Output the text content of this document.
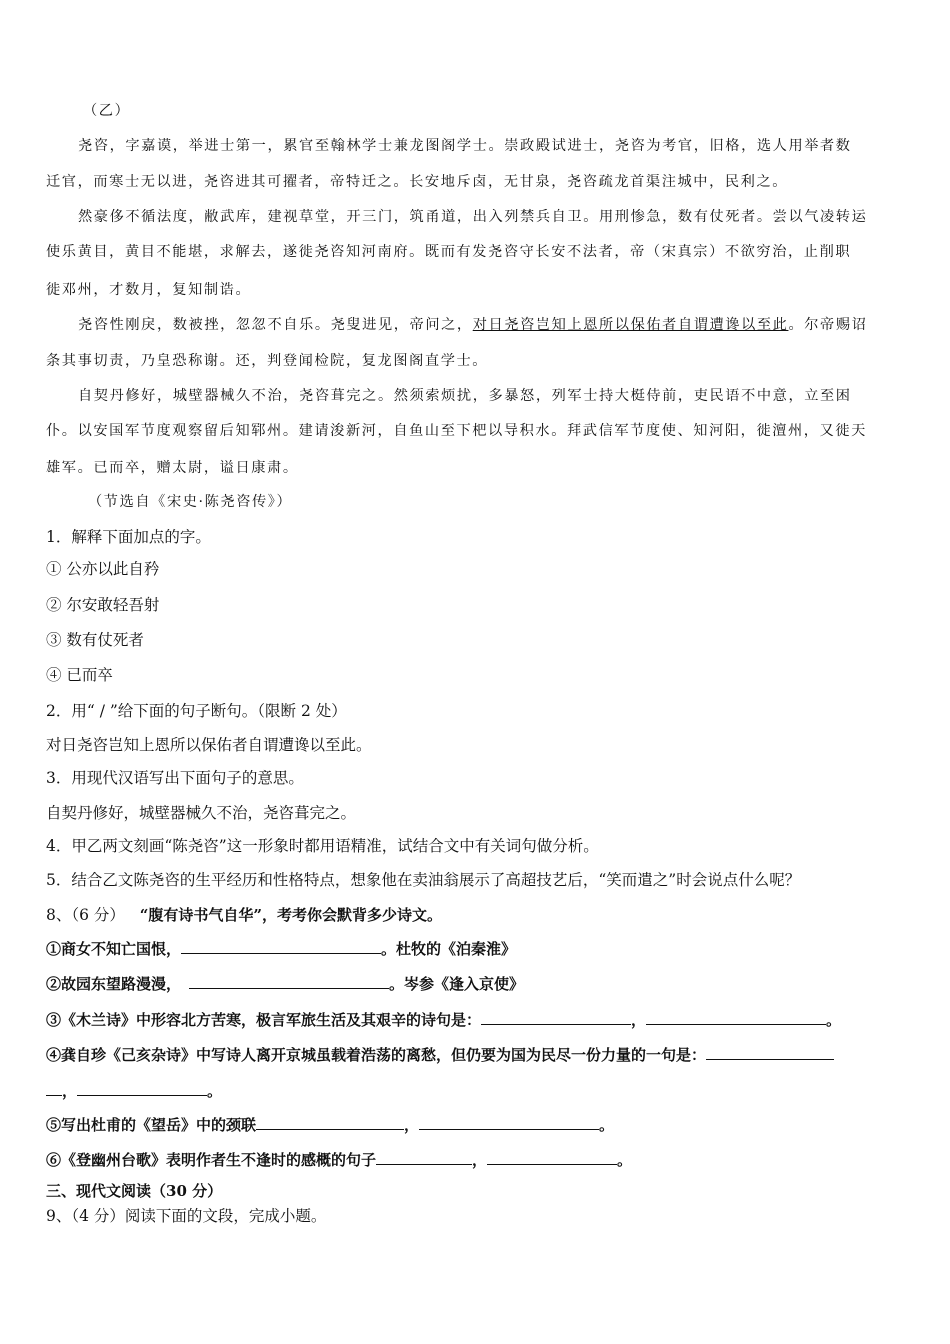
（乙）
尧咨，字嘉谟，举进士第一，累官至翰林学士兼龙图阁学士。崇政殿试进士，尧咨为考官，旧格，选人用举者数
迁官，而寒士无以进，尧咨进其可擢者，帝特迁之。长安地斥卤，无甘泉，尧咨疏龙首渠注城中，民利之。
然豪侈不循法度，敝武库，建视草堂，开三门，筑甬道，出入列禁兵自卫。用刑惨急，数有仗死者。尝以气凌转运
使乐黄目，黄目不能堪，求解去，遂徙尧咨知河南府。既而有发尧咨守长安不法者，帝（宋真宗）不欲穷治，止削职
徙邓州，才数月，复知制诰。
尧咨性刚戾，数被挫，忽忽不自乐。尧叟进见，帝问之，对日尧咨岂知上恩所以保佑者自谓遭谗以至此。尔帝赐诏
条其事切责，乃皇恐称谢。还，判登闻检院，复龙图阁直学士。
自契丹修好，城壁器械久不治，尧咨葺完之。然须索烦扰，多暴怒，列军士持大梃侍前，吏民语不中意，立至困
仆。以安国军节度观察留后知郓州。建请浚新河，自鱼山至下杷以导积水。拜武信军节度使、知河阳，徙澶州，又徙天
雄军。已而卒，赠太尉，谥日康肃。
（节选自《宋史·陈尧咨传》）
1．解释下面加点的字。
① 公亦以此自矜
② 尔安敢轻吾射
③ 数有仗死者
④ 已而卒
2．用“ / ”给下面的句子断句。（限断 2 处）
对日尧咨岂知上恩所以保佑者自谓遭谗以至此。
3．用现代汉语写出下面句子的意思。
自契丹修好，城壁器械久不治，尧咨葺完之。
4．甲乙两文刻画“陈尧咨”这一形象时都用语精准，试结合文中有关词句做分析。
5．结合乙文陈尧咨的生平经历和性格特点，想象他在卖油翁展示了高超技艺后，“笑而遣之”时会说点什么呢？
8、（6 分） “腹有诗书气自华”，考考你会默背多少诗文。
①商女不知亡国恨，	。杜牧的《泊秦淮》
②故园东望路漫漫，	。岑参《逢入京使》
③《木兰诗》中形容北方苦寒，极言军旅生活及其艰辛的诗句是：	，	。
④龚自珍《己亥杂诗》中写诗人离开京城虽载着浩荡的离愁，但仍要为国为民尽一份力量的一句是：
，	。
⑤写出杜甫的《望岳》中的颈联	，	。
⑥《登幽州台歌》表明作者生不逢时的感概的句子	，	。
三、现代文阅读（30 分）
9、（4 分）阅读下面的文段，完成小题。
